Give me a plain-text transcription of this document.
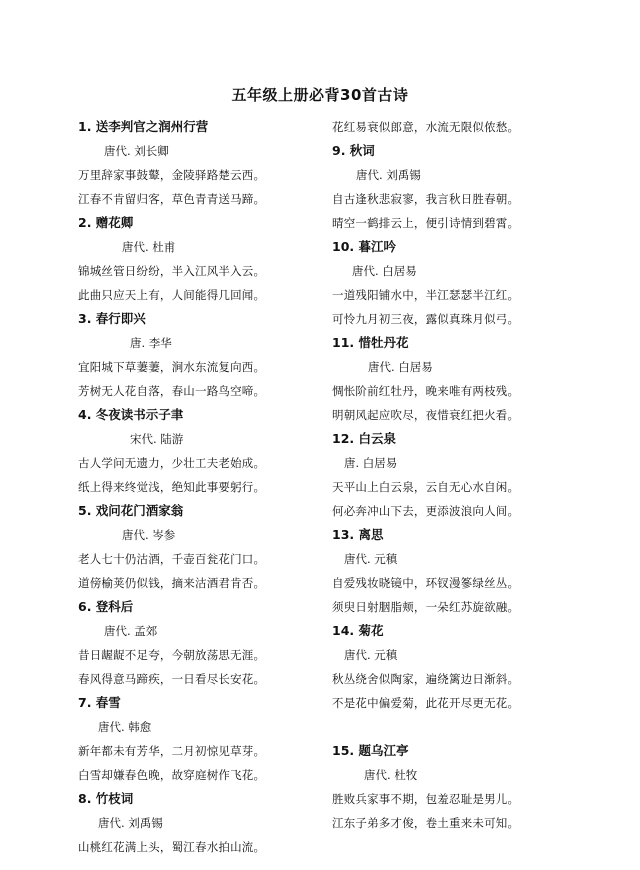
五年级上册必背30首古诗
1. 送李判官之润州行营
唐代. 刘长卿
万里辞家事鼓鼙，金陵驿路楚云西。
江春不肯留归客，草色青青送马蹄。
2. 赠花卿
唐代. 杜甫
锦城丝管日纷纷，半入江风半入云。
此曲只应天上有，人间能得几回闻。
3. 春行即兴
唐. 李华
宜阳城下草萋萋，涧水东流复向西。
芳树无人花自落，春山一路鸟空啼。
4. 冬夜读书示子聿
宋代. 陆游
古人学问无遗力，少壮工夫老始成。
纸上得来终觉浅，绝知此事要躬行。
5. 戏问花门酒家翁
唐代. 岑参
老人七十仍沽酒，千壶百瓮花门口。
道傍榆荚仍似钱，摘来沽酒君肯否。
6. 登科后
唐代. 孟郊
昔日龌龊不足夸，今朝放荡思无涯。
春风得意马蹄疾，一日看尽长安花。
7. 春雪
唐代. 韩愈
新年都未有芳华，二月初惊见草芽。
白雪却嫌春色晚，故穿庭树作飞花。
8. 竹枝词
唐代. 刘禹锡
山桃红花满上头，蜀江春水拍山流。
花红易衰似郎意，水流无限似侬愁。
9. 秋词
唐代. 刘禹锡
自古逢秋悲寂寥，我言秋日胜春朝。
晴空一鹤排云上，便引诗情到碧霄。
10. 暮江吟
唐代. 白居易
一道残阳铺水中，半江瑟瑟半江红。
可怜九月初三夜，露似真珠月似弓。
11. 惜牡丹花
唐代. 白居易
惆怅阶前红牡丹，晚来唯有两枝残。
明朝风起应吹尽，夜惜衰红把火看。
12. 白云泉
唐. 白居易
天平山上白云泉，云自无心水自闲。
何必奔冲山下去，更添波浪向人间。
13. 离思
唐代. 元稹
自爱残妆晓镜中，环钗漫篸绿丝丛。
须臾日射胭脂颊，一朵红苏旋欲融。
14. 菊花
唐代. 元稹
秋丛绕舍似陶家，遍绕篱边日渐斜。
不是花中偏爱菊，此花开尽更无花。
15. 题乌江亭
唐代. 杜牧
胜败兵家事不期，包羞忍耻是男儿。
江东子弟多才俊，卷土重来未可知。
